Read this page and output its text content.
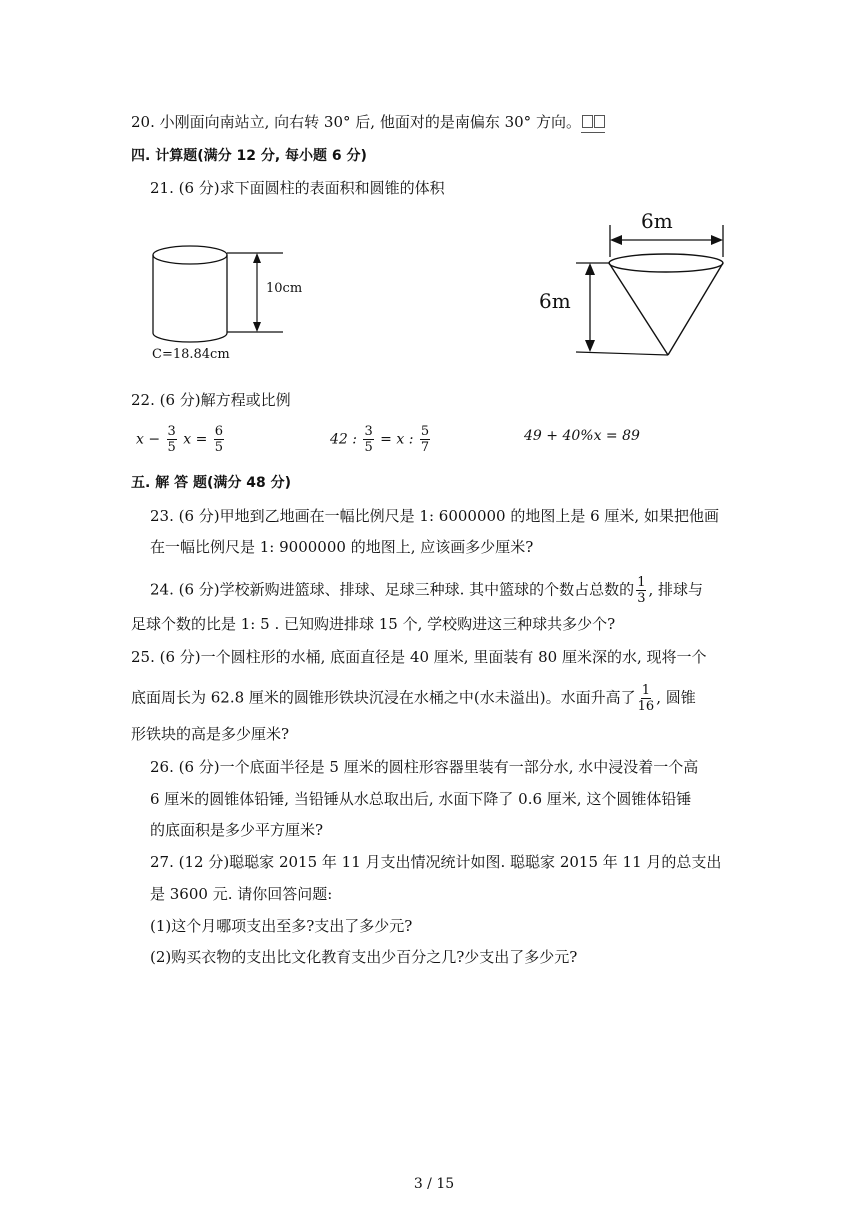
20. 小刚面向南站立, 向右转 30° 后, 他面对的是南偏东 30° 方向。
四. 计算题(满分 12 分, 每小题 6 分)
21. (6 分)求下面圆柱的表面积和圆锥的体积
10cm
C=18.84cm
6m
6m
22. (6 分)解方程或比例
$x - \frac{3}{5}$ $x = \frac{6}{5}$	42 : $\frac{3}{5} = x$ : $\frac{5}{7}$	49 + 40%x = 89
五. 解 答 题(满分 48 分)
23. (6 分)甲地到乙地画在一幅比例尺是 1: 6000000 的地图上是 6 厘米, 如果把他画
在一幅比例尺是 1: 9000000 的地图上, 应该画多少厘米?
24. (6 分)学校新购进篮球、排球、足球三种球. 其中篮球的个数占总数的 $\frac{1}{3}$ , 排球与
足球个数的比是 1: 5 . 已知购进排球 15 个, 学校购进这三种球共多少个?
25. (6 分)一个圆柱形的水桶, 底面直径是 40 厘米, 里面装有 80 厘米深的水, 现将一个
底面周长为 62.8 厘米的圆锥形铁块沉浸在水桶之中(水未溢出)。水面升高了 $\frac{1}{16}$ , 圆锥
形铁块的高是多少厘米?
26. (6 分)一个底面半径是 5 厘米的圆柱形容器里装有一部分水, 水中浸没着一个高
6 厘米的圆锥体铅锤, 当铅锤从水总取出后, 水面下降了 0.6 厘米, 这个圆锥体铅锤
的底面积是多少平方厘米?
27. (12 分)聪聪家 2015 年 11 月支出情况统计如图. 聪聪家 2015 年 11 月的总支出
是 3600 元. 请你回答问题:
(1)这个月哪项支出至多?支出了多少元?
(2)购买衣物的支出比文化教育支出少百分之几?少支出了多少元?
3 / 15
